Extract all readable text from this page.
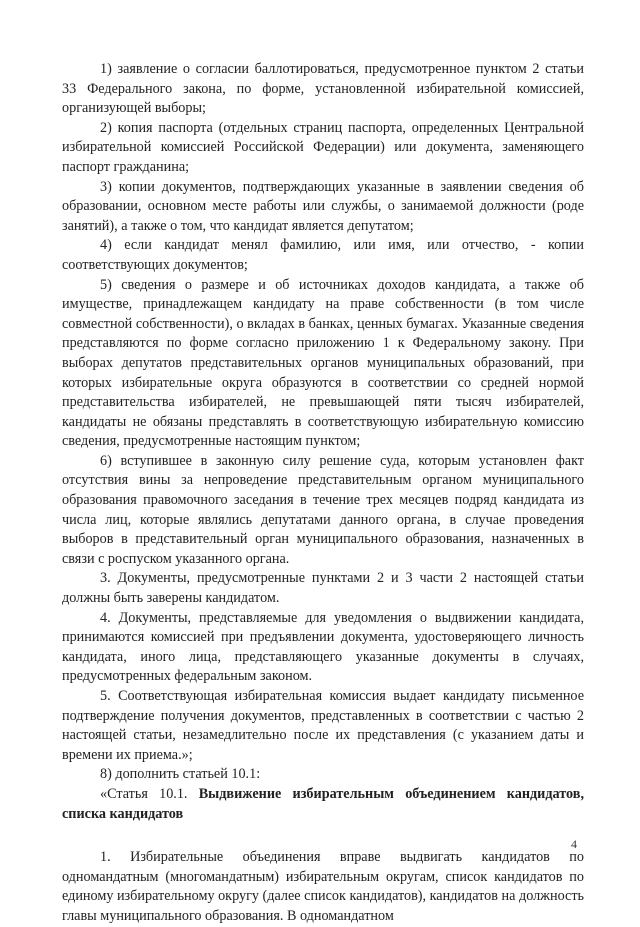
1) заявление о согласии баллотироваться, предусмотренное пунктом 2 статьи 33 Федерального закона, по форме, установленной избирательной комиссией, организующей выборы;

2) копия паспорта (отдельных страниц паспорта, определенных Центральной избирательной комиссией Российской Федерации) или документа, заменяющего паспорт гражданина;

3) копии документов, подтверждающих указанные в заявлении сведения об образовании, основном месте работы или службы, о занимаемой должности (роде занятий), а также о том, что кандидат является депутатом;

4) если кандидат менял фамилию, или имя, или отчество, - копии соответствующих документов;

5) сведения о размере и об источниках доходов кандидата, а также об имуществе, принадлежащем кандидату на праве собственности (в том числе совместной собственности), о вкладах в банках, ценных бумагах. Указанные сведения представляются по форме согласно приложению 1 к Федеральному закону. При выборах депутатов представительных органов муниципальных образований, при которых избирательные округа образуются в соответствии со средней нормой представительства избирателей, не превышающей пяти тысяч избирателей, кандидаты не обязаны представлять в соответствующую избирательную комиссию сведения, предусмотренные настоящим пунктом;

6) вступившее в законную силу решение суда, которым установлен факт отсутствия вины за непроведение представительным органом муниципального образования правомочного заседания в течение трех месяцев подряд кандидата из числа лиц, которые являлись депутатами данного органа, в случае проведения выборов в представительный орган муниципального образования, назначенных в связи с роспуском указанного органа.

3. Документы, предусмотренные пунктами 2 и 3 части 2 настоящей статьи должны быть заверены кандидатом.

4. Документы, представляемые для уведомления о выдвижении кандидата, принимаются комиссией при предъявлении документа, удостоверяющего личность кандидата, иного лица, представляющего указанные документы в случаях, предусмотренных федеральным законом.

5. Соответствующая избирательная комиссия выдает кандидату письменное подтверждение получения документов, представленных в соответствии с частью 2 настоящей статьи, незамедлительно после их представления (с указанием даты и времени их приема.»;

8) дополнить статьей 10.1:

«Статья 10.1. Выдвижение избирательным объединением кандидатов, списка кандидатов

1. Избирательные объединения вправе выдвигать кандидатов по одномандатным (многомандатным) избирательным округам, список кандидатов по единому избирательному округу (далее список кандидатов), кандидатов на должность главы муниципального образования. В одномандатном

4
